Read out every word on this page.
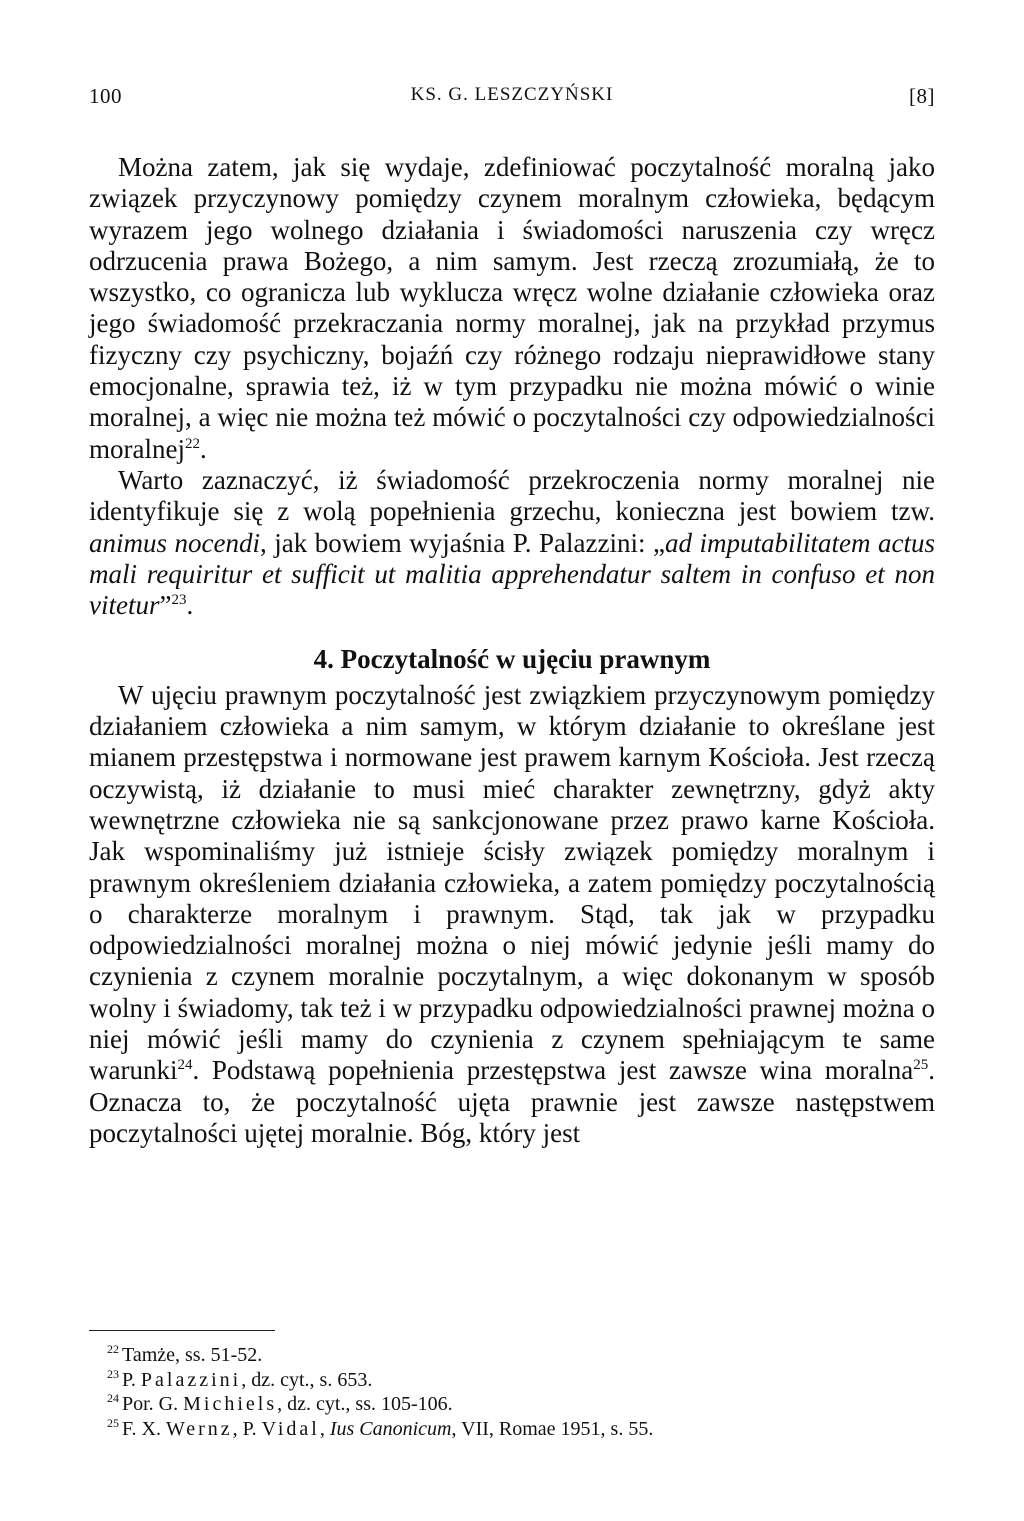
100	KS. G. LESZCZYŃSKI	[8]

Można zatem, jak się wydaje, zdefiniować poczytalność moralną jako związek przyczynowy pomiędzy czynem moralnym człowieka, będącym wyrazem jego wolnego działania i świadomości naruszenia czy wręcz odrzucenia prawa Bożego, a nim samym. Jest rzeczą zrozumiałą, że to wszystko, co ogranicza lub wyklucza wręcz wolne działanie człowieka oraz jego świadomość przekraczania normy moralnej, jak na przykład przymus fizyczny czy psychiczny, bojaźń czy różnego rodzaju nieprawidłowe stany emocjonalne, sprawia też, iż w tym przypadku nie można mówić o winie moralnej, a więc nie można też mówić o poczytalności czy odpowiedzialności moralnej$^{22}$.

Warto zaznaczyć, iż świadomość przekroczenia normy moralnej nie identyfikuje się z wolą popełnienia grzechu, konieczna jest bowiem tzw. animus nocendi, jak bowiem wyjaśnia P. Palazzini: „ad imputabilitatem actus mali requiritur et sufficit ut malitia apprehendatur saltem in confuso et non vitetur”$^{23}$.

4. Poczytalność w ujęciu prawnym

W ujęciu prawnym poczytalność jest związkiem przyczynowym pomiędzy działaniem człowieka a nim samym, w którym działanie to określane jest mianem przestępstwa i normowane jest prawem karnym Kościoła. Jest rzeczą oczywistą, iż działanie to musi mieć charakter zewnętrzny, gdyż akty wewnętrzne człowieka nie są sankcjonowane przez prawo karne Kościoła. Jak wspominaliśmy już istnieje ścisły związek pomiędzy moralnym i prawnym określeniem działania człowieka, a zatem pomiędzy poczytalnością o charakterze moralnym i prawnym. Stąd, tak jak w przypadku odpowiedzialności moralnej można o niej mówić jedynie jeśli mamy do czynienia z czynem moralnie poczytalnym, a więc dokonanym w sposób wolny i świadomy, tak też i w przypadku odpowiedzialności prawnej można o niej mówić jeśli mamy do czynienia z czynem spełniającym te same warunki$^{24}$. Podstawą popełnienia przestępstwa jest zawsze wina moralna$^{25}$. Oznacza to, że poczytalność ujęta prawnie jest zawsze następstwem poczytalności ujętej moralnie. Bóg, który jest

$^{22}$ Tamże, ss. 51-52.
$^{23}$ P. Palazzini, dz. cyt., s. 653.
$^{24}$ Por. G. Michiels, dz. cyt., ss. 105-106.
$^{25}$ F. X. Wernz, P. Vidal, Ius Canonicum, VII, Romae 1951, s. 55.
